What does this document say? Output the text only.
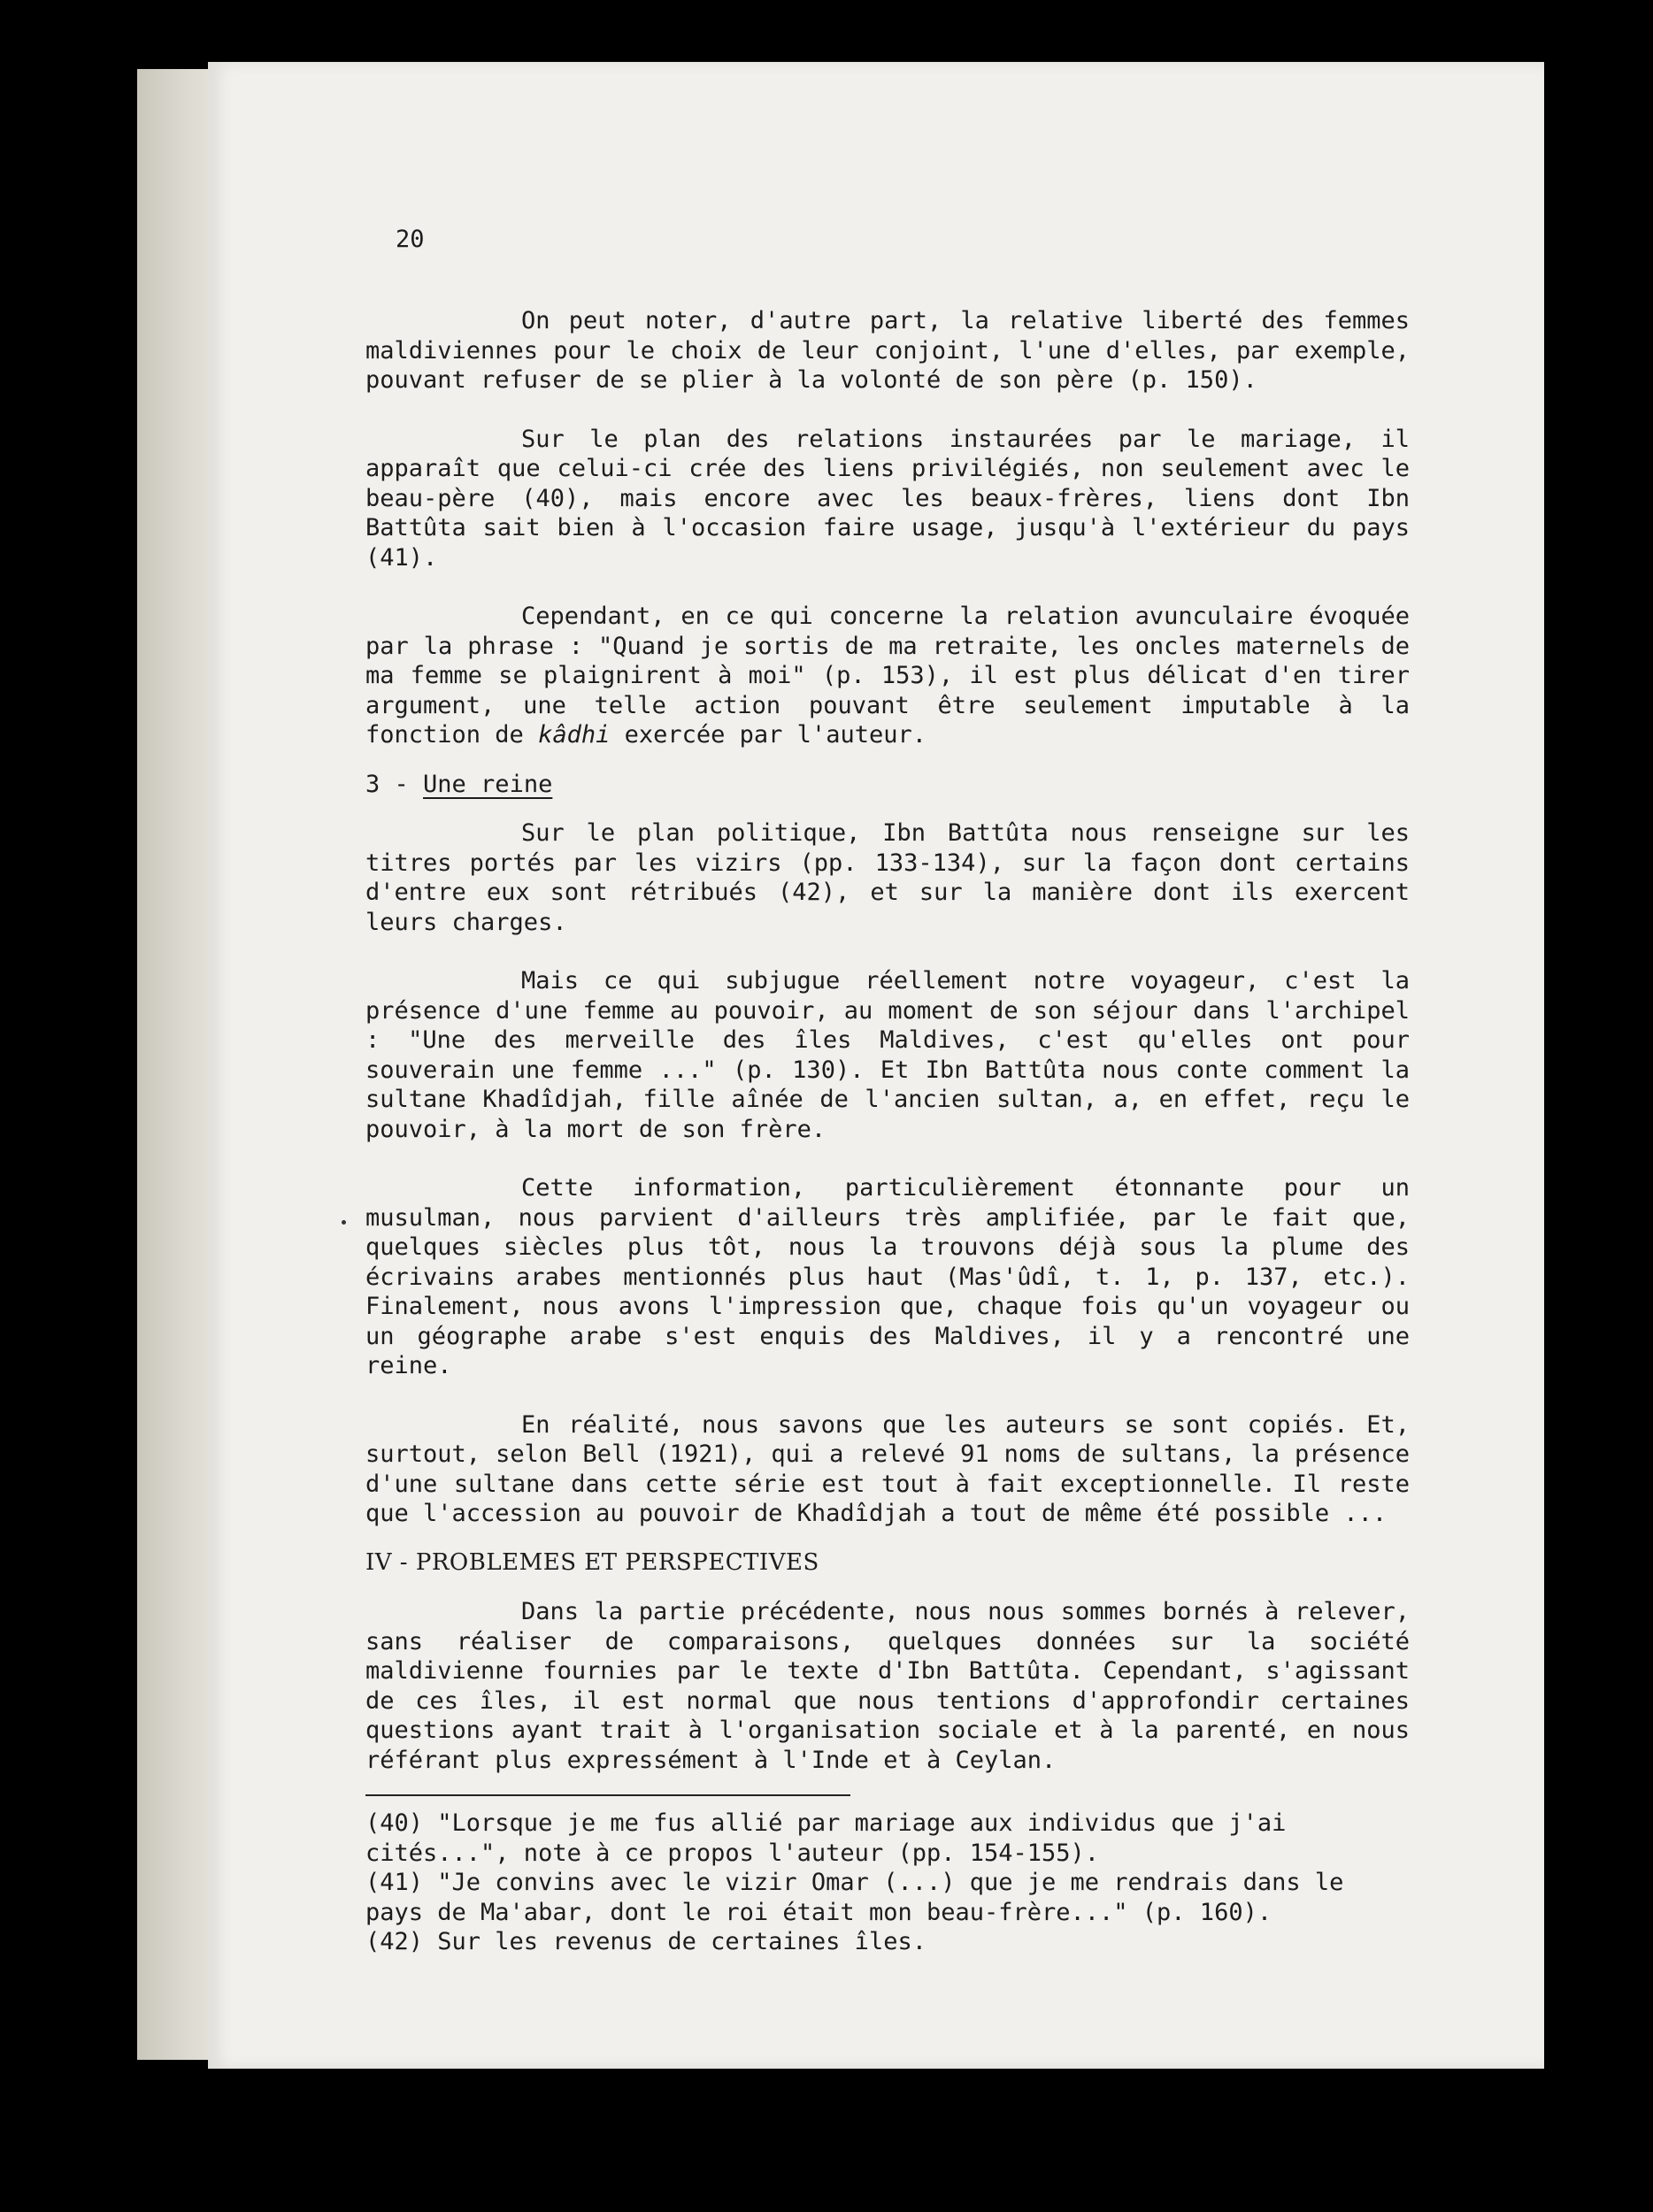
20

On peut noter, d'autre part, la relative liberté des femmes maldiviennes pour le choix de leur conjoint, l'une d'elles, par exemple, pouvant refuser de se plier à la volonté de son père (p. 150).

Sur le plan des relations instaurées par le mariage, il apparaît que celui-ci crée des liens privilégiés, non seulement avec le beau-père (40), mais encore avec les beaux-frères, liens dont Ibn Battûta sait bien à l'occasion faire usage, jusqu'à l'extérieur du pays (41).

Cependant, en ce qui concerne la relation avunculaire évoquée par la phrase : "Quand je sortis de ma retraite, les oncles maternels de ma femme se plaignirent à moi" (p. 153), il est plus délicat d'en tirer argument, une telle action pouvant être seulement imputable à la fonction de kâdhi exercée par l'auteur.

3 - Une reine

Sur le plan politique, Ibn Battûta nous renseigne sur les titres portés par les vizirs (pp. 133-134), sur la façon dont certains d'entre eux sont rétribués (42), et sur la manière dont ils exercent leurs charges.

Mais ce qui subjugue réellement notre voyageur, c'est la présence d'une femme au pouvoir, au moment de son séjour dans l'archipel : "Une des merveille des îles Maldives, c'est qu'elles ont pour souverain une femme ..." (p. 130). Et Ibn Battûta nous conte comment la sultane Khadîdjah, fille aînée de l'ancien sultan, a, en effet, reçu le pouvoir, à la mort de son frère.

Cette information, particulièrement étonnante pour un musulman, nous parvient d'ailleurs très amplifiée, par le fait que, quelques siècles plus tôt, nous la trouvons déjà sous la plume des écrivains arabes mentionnés plus haut (Mas'ûdî, t. 1, p. 137, etc.). Finalement, nous avons l'impression que, chaque fois qu'un voyageur ou un géographe arabe s'est enquis des Maldives, il y a rencontré une reine.

En réalité, nous savons que les auteurs se sont copiés. Et, surtout, selon Bell (1921), qui a relevé 91 noms de sultans, la présence d'une sultane dans cette série est tout à fait exceptionnelle. Il reste que l'accession au pouvoir de Khadîdjah a tout de même été possible ...

IV - PROBLEMES ET PERSPECTIVES

Dans la partie précédente, nous nous sommes bornés à relever, sans réaliser de comparaisons, quelques données sur la société maldivienne fournies par le texte d'Ibn Battûta. Cependant, s'agissant de ces îles, il est normal que nous tentions d'approfondir certaines questions ayant trait à l'organisation sociale et à la parenté, en nous référant plus expressément à l'Inde et à Ceylan.

(40) "Lorsque je me fus allié par mariage aux individus que j'ai cités...", note à ce propos l'auteur (pp. 154-155).

(41) "Je convins avec le vizir Omar (...) que je me rendrais dans le pays de Ma'abar, dont le roi était mon beau-frère..." (p. 160).

(42) Sur les revenus de certaines îles.
